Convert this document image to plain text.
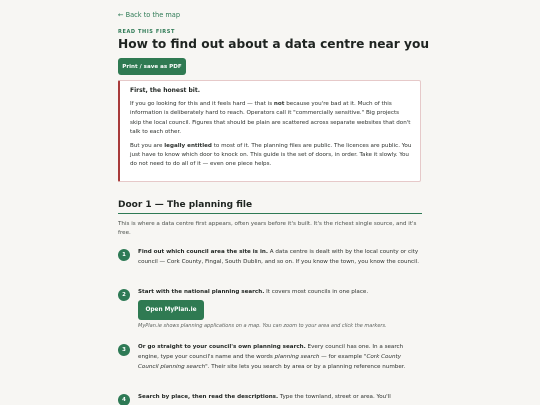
← Back to the map
READ THIS FIRST
How to find out about a data centre near you
Print / save as PDF
First, the honest bit.

If you go looking for this and it feels hard — that is not because you're bad at it. Much of this information is deliberately hard to reach. Operators call it "commercially sensitive." Big projects skip the local council. Figures that should be plain are scattered across separate websites that don't talk to each other.

But you are legally entitled to most of it. The planning files are public. The licences are public. You just have to know which door to knock on. This guide is the set of doors, in order. Take it slowly. You do not need to do all of it — even one piece helps.

Door 1 — The planning file

This is where a data centre first appears, often years before it's built. It's the richest single source, and it's free.

1	Find out which council area the site is in. A data centre is dealt with by the local county or city council — Cork County, Fingal, South Dublin, and so on. If you know the town, you know the council.

2	Start with the national planning search. It covers most councils in one place.

Open MyPlan.ie

MyPlan.ie shows planning applications on a map. You can zoom to your area and click the markers.

3	Or go straight to your council's own planning search. Every council has one. In a search engine, type your council's name and the words planning search — for example "Cork County Council planning search". Their site lets you search by area or by a planning reference number.

4	Search by place, then read the descriptions. Type the townland, street or area. You'll
